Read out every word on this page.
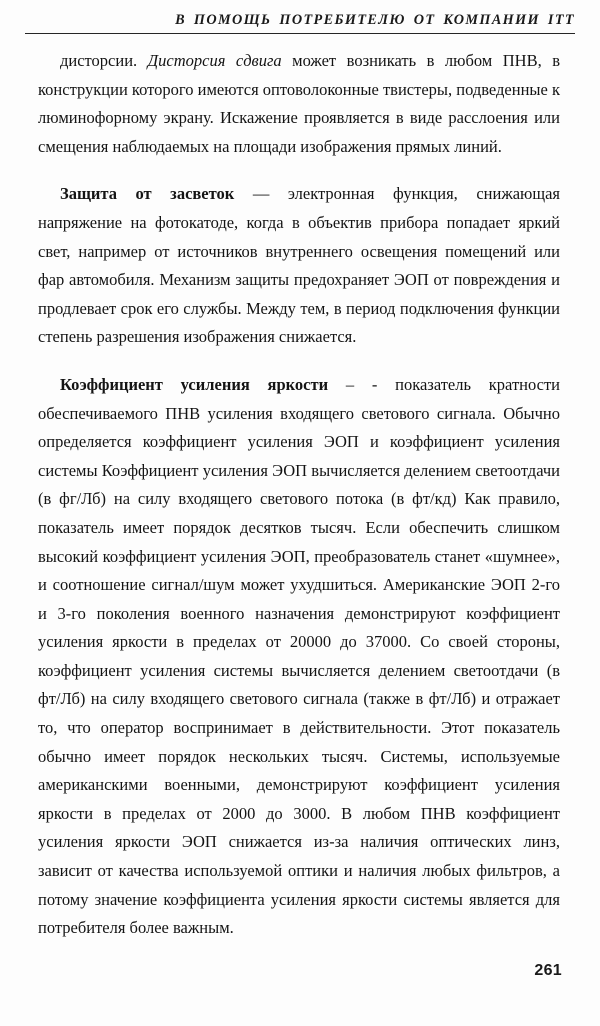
В ПОМОЩЬ ПОТРЕБИТЕЛЮ ОТ КОМПАНИИ ITT

дисторсии. Дисторсия сдвига может возникать в любом ПНВ, в конструкции которого имеются оптоволоконные твистеры, подведенные к люминофорному экрану. Искажение проявляется в виде расслоения или смещения наблюдаемых на площади изображения прямых линий.

Защита от засветок — электронная функция, снижающая напряжение на фотокатоде, когда в объектив прибора попадает яркий свет, например от источников внутреннего освещения помещений или фар автомобиля. Механизм защиты предохраняет ЭОП от повреждения и продлевает срок его службы. Между тем, в период подключения функции степень разрешения изображения снижается.

Коэффициент усиления яркости – - показатель кратности обеспечиваемого ПНВ усиления входящего светового сигнала. Обычно определяется коэффициент усиления ЭОП и коэффициент усиления системы Коэффициент усиления ЭОП вычисляется делением светоотдачи (в фг/Лб) на силу входящего светового потока (в фт/кд) Как правило, показатель имеет порядок десятков тысяч. Если обеспечить слишком высокий коэффициент усиления ЭОП, преобразователь станет «шумнее», и соотношение сигнал/шум может ухудшиться. Американские ЭОП 2-го и 3-го поколения военного назначения демонстрируют коэффициент усиления яркости в пределах от 20000 до 37000. Со своей стороны, коэффициент усиления системы вычисляется делением светоотдачи (в фт/Лб) на силу входящего светового сигнала (также в фт/Лб) и отражает то, что оператор воспринимает в действительности. Этот показатель обычно имеет порядок нескольких тысяч. Системы, используемые американскими военными, демонстрируют коэффициент усиления яркости в пределах от 2000 до 3000. В любом ПНВ коэффициент усиления яркости ЭОП снижается из-за наличия оптических линз, зависит от качества используемой оптики и наличия любых фильтров, а потому значение коэффициента усиления яркости системы является для потребителя более важным.

261
